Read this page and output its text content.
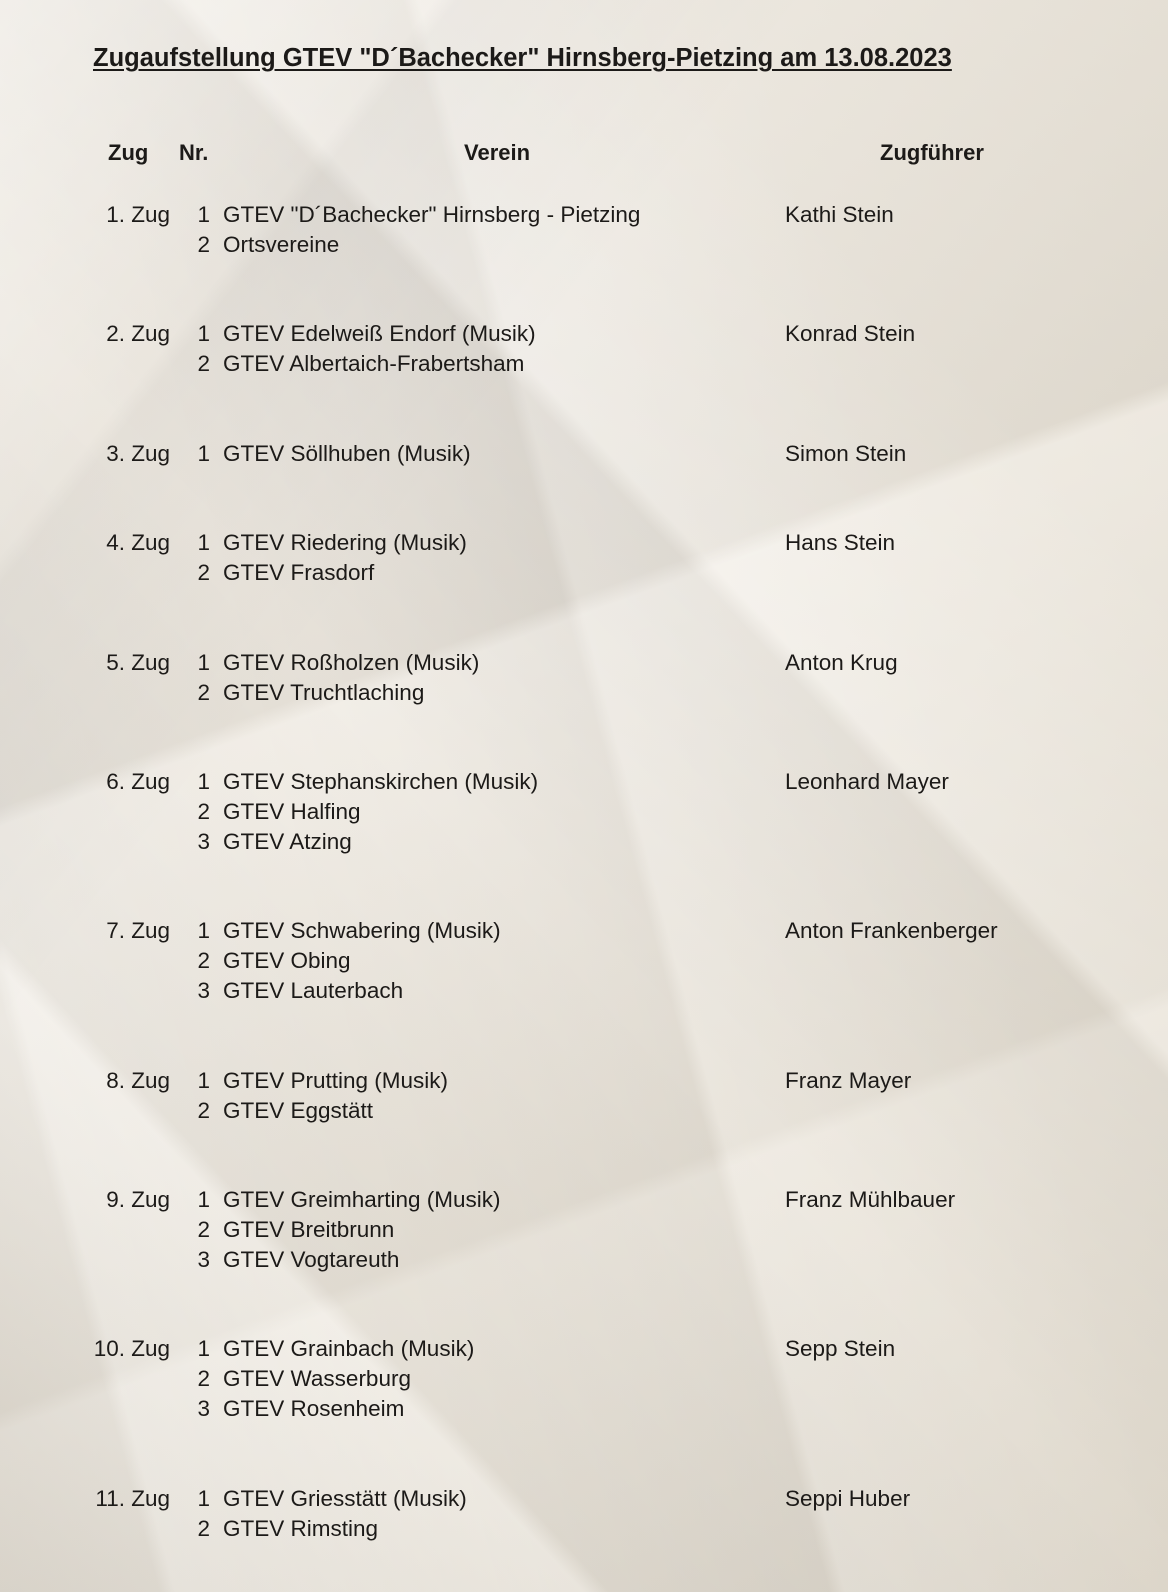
Zugaufstellung GTEV "D´Bachecker" Hirnsberg-Pietzing am 13.08.2023
Zug Nr.	Verein	Zugführer
1. Zug	1 GTEV "D´Bachecker" Hirnsberg - Pietzing	Kathi Stein
2 Ortsvereine
2. Zug	1 GTEV Edelweiß Endorf (Musik)	Konrad Stein
2 GTEV Albertaich-Frabertsham
3. Zug	1 GTEV Söllhuben (Musik)	Simon Stein
4. Zug	1 GTEV Riedering (Musik)	Hans Stein
2 GTEV Frasdorf
5. Zug	1 GTEV Roßholzen (Musik)	Anton Krug
2 GTEV Truchtlaching
6. Zug	1 GTEV Stephanskirchen (Musik)	Leonhard Mayer
2 GTEV Halfing
3 GTEV Atzing
7. Zug	1 GTEV Schwabering (Musik)	Anton Frankenberger
2 GTEV Obing
3 GTEV Lauterbach
8. Zug	1 GTEV Prutting (Musik)	Franz Mayer
2 GTEV Eggstätt
9. Zug	1 GTEV Greimharting (Musik)	Franz Mühlbauer
2 GTEV Breitbrunn
3 GTEV Vogtareuth
10. Zug	1 GTEV Grainbach (Musik)	Sepp Stein
2 GTEV Wasserburg
3 GTEV Rosenheim
11. Zug	1 GTEV Griesstätt (Musik)	Seppi Huber
2 GTEV Rimsting
